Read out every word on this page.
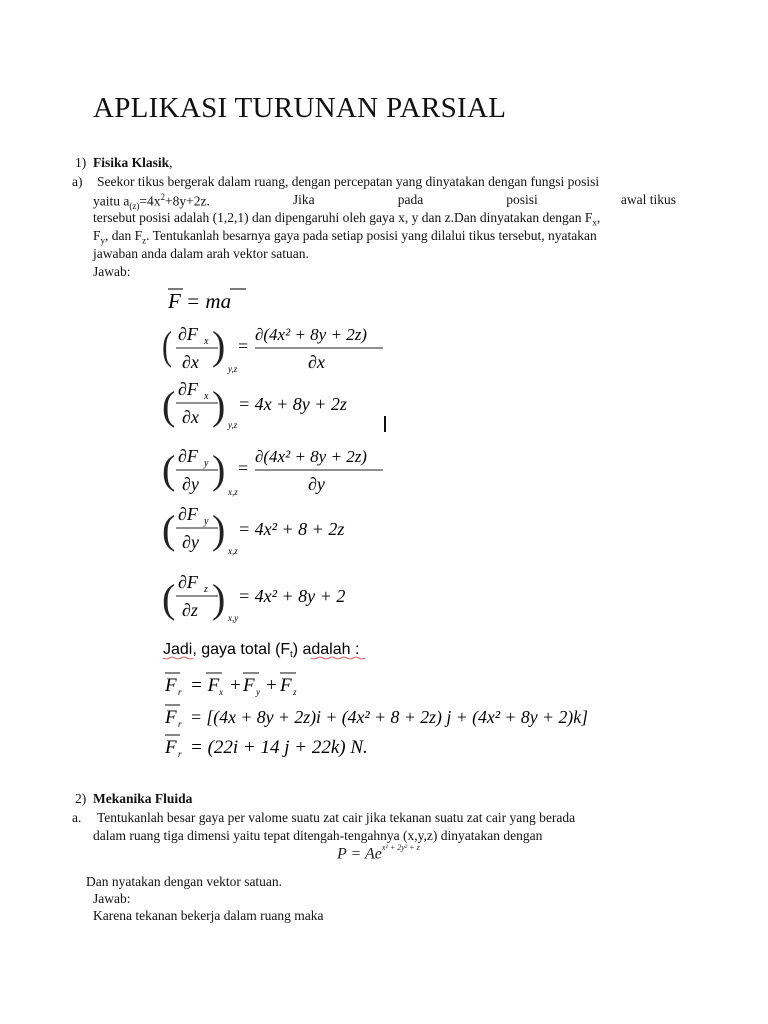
APLIKASI TURUNAN PARSIAL
1) Fisika Klasik,
a) Seekor tikus bergerak dalam ruang, dengan percepatan yang dinyatakan dengan fungsi posisi
yaitu $a_{(z)}=4x^2+8y+2z$.	Jika	pada	posisi	awal tikus
tersebut posisi adalah (1,2,1) dan dipengaruhi oleh gaya x, y dan z.Dan dinyatakan dengan $F_x$,
$F_y$, dan $F_z$. Tentukanlah besarnya gaya pada setiap posisi yang dilalui tikus tersebut, nyatakan
jawaban anda dalam arah vektor satuan.
Jawab:
F = ma
( ∂F x
∂x )
y,z
=
∂(4x² + 8y + 2z)
∂x
( ∂F x
∂x ) y,z
= 4x + 8y + 2z
( ∂F y
∂y ) x,z
=
∂(4x² + 8y + 2z)
∂y
( ∂F y
∂y ) x,z
= 4x² + 8 + 2z
( ∂F z
∂z ) x,y
= 4x² + 8y + 2
Jadi, gaya total (Ft) adalah :
F r = F x + F y + F z
F r = [(4x + 8y + 2z)i + (4x² + 8 + 2z) j + (4x² + 8y + 2)k]
F r = (22i + 14 j + 22k) N.
2) Mekanika Fluida
a. Tentukanlah besar gaya per valome suatu zat cair jika tekanan suatu zat cair yang berada
dalam ruang tiga dimensi yaitu tepat ditengah-tengahnya (x,y,z) dinyatakan dengan
$P = Ae^{x^2 + 2y^2 + z}$
Dan nyatakan dengan vektor satuan.
Jawab:
Karena tekanan bekerja dalam ruang maka
